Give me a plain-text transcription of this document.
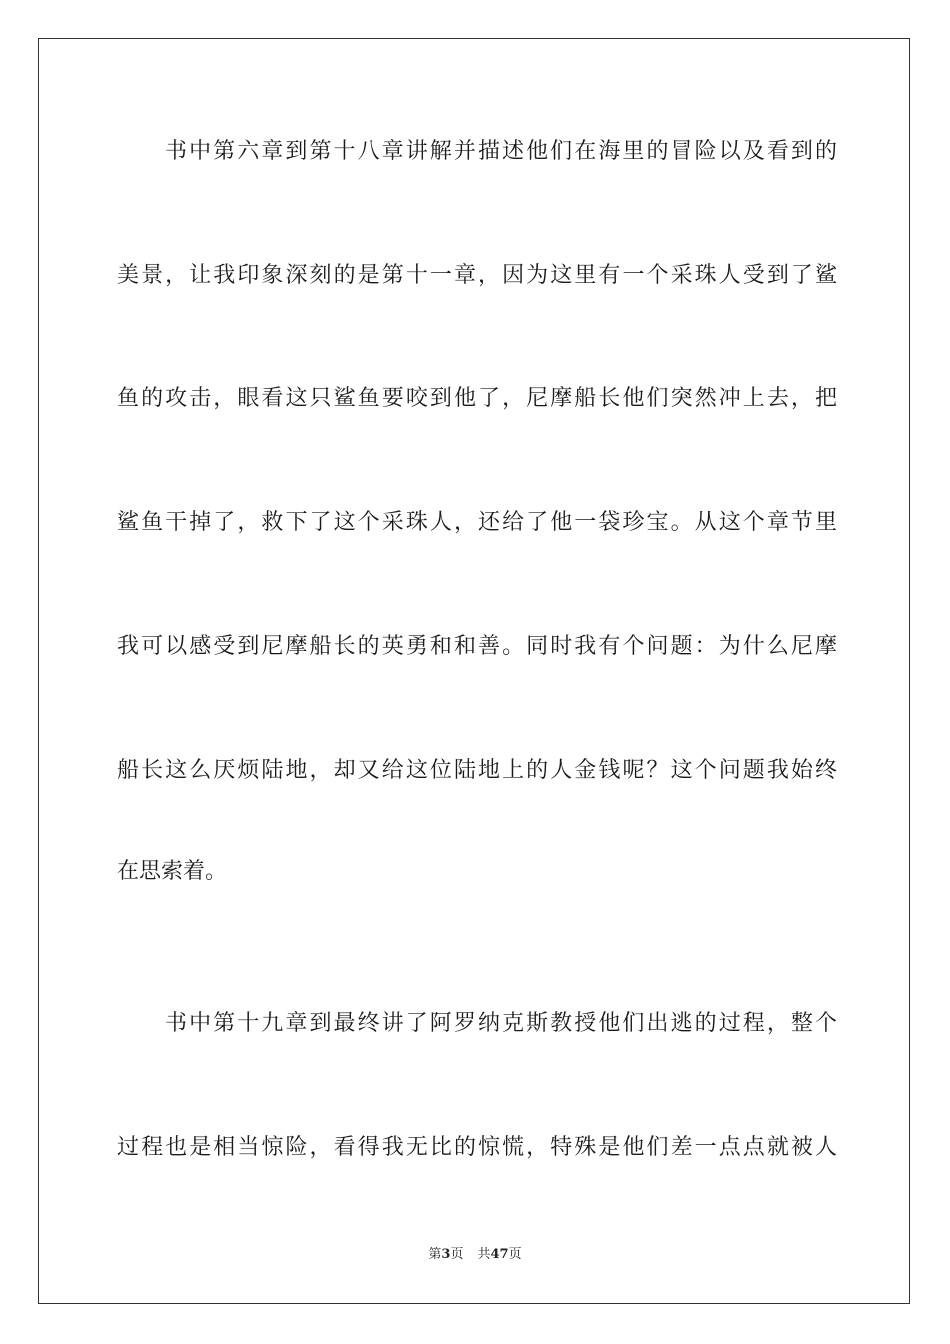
书中第六章到第十八章讲解并描述他们在海里的冒险以及看到的
美景，让我印象深刻的是第十一章，因为这里有一个采珠人受到了鲨
鱼的攻击，眼看这只鲨鱼要咬到他了，尼摩船长他们突然冲上去，把
鲨鱼干掉了，救下了这个采珠人，还给了他一袋珍宝。从这个章节里
我可以感受到尼摩船长的英勇和和善。同时我有个问题：为什么尼摩
船长这么厌烦陆地，却又给这位陆地上的人金钱呢？这个问题我始终
在思索着。
书中第十九章到最终讲了阿罗纳克斯教授他们出逃的过程，整个
过程也是相当惊险，看得我无比的惊慌，特殊是他们差一点点就被人
第3页 共47页
